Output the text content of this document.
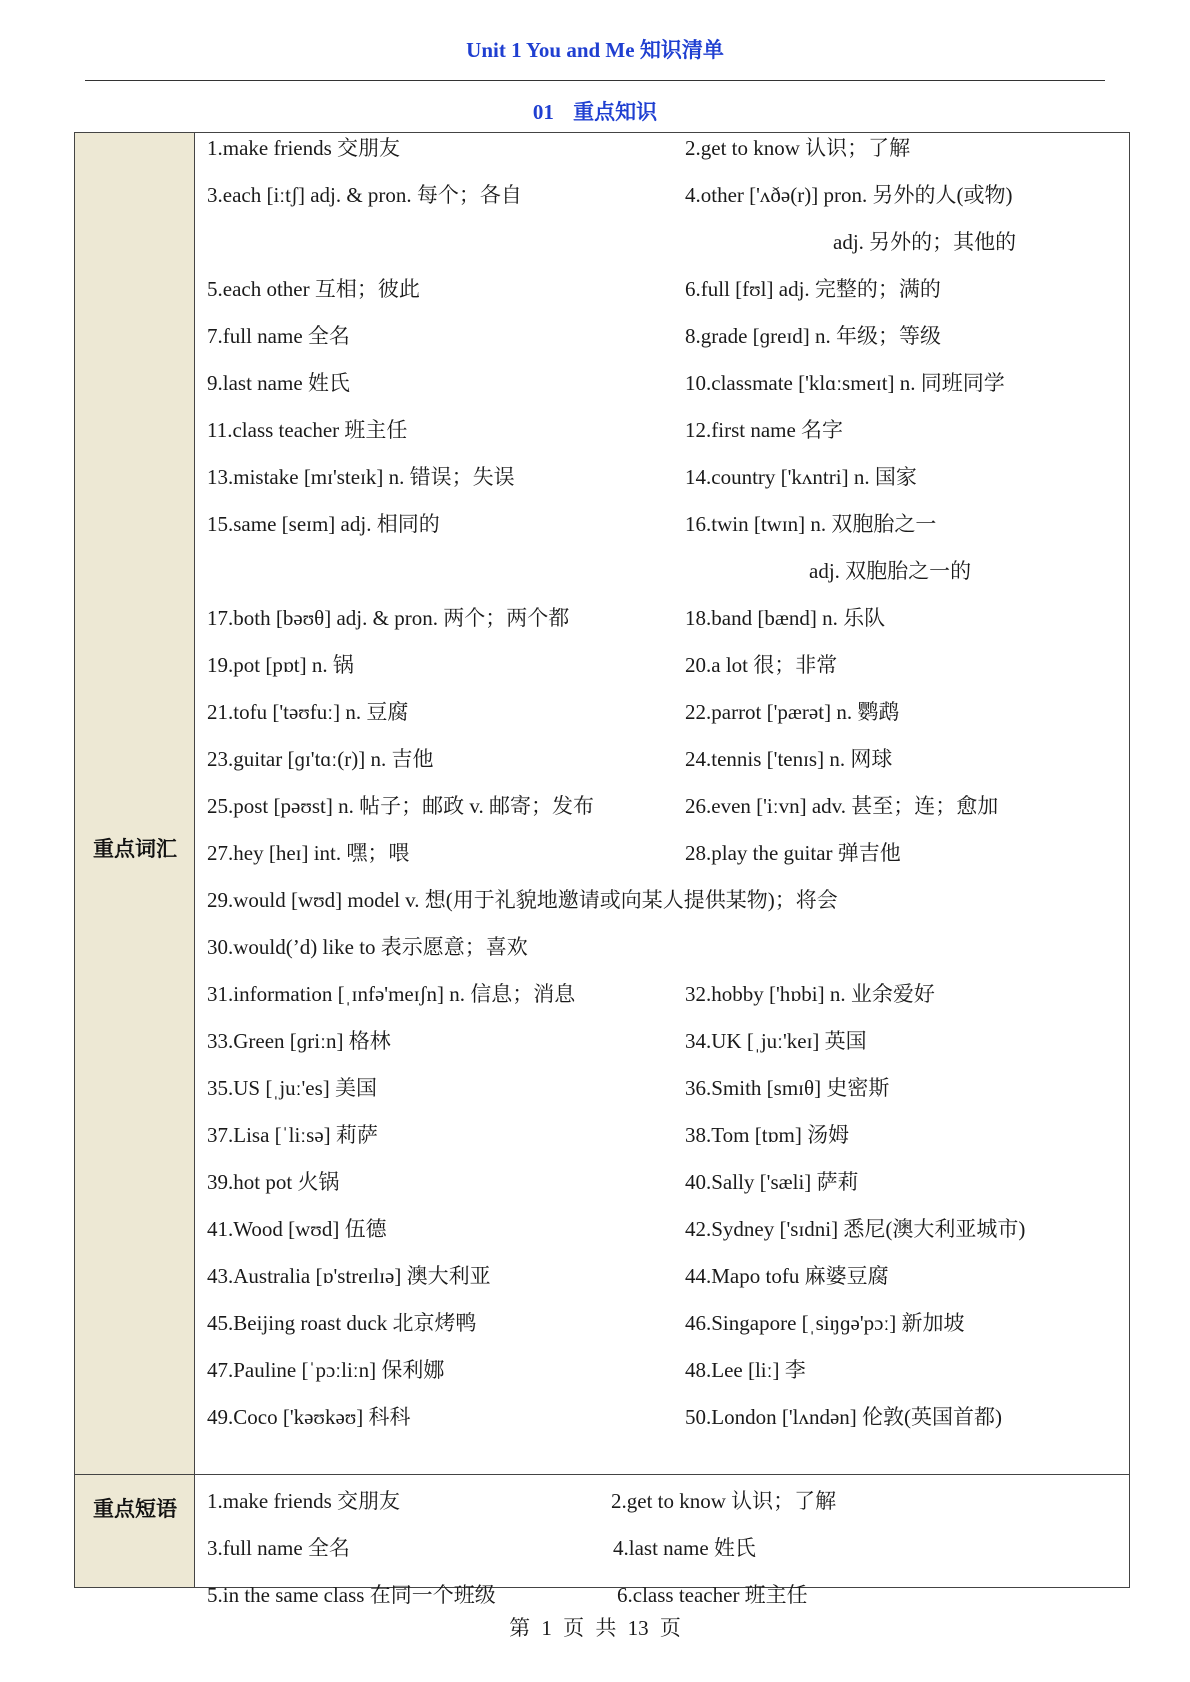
Unit 1 You and Me 知识清单
01 重点知识
重点词汇
重点短语
1.make friends 交朋友	2.get to know 认识；了解
3.each [iːtʃ] adj. & pron. 每个；各自	4.other ['ʌðə(r)] pron. 另外的人(或物)
adj. 另外的；其他的
5.each other 互相；彼此	6.full [fʊl] adj. 完整的；满的
7.full name 全名	8.grade [ɡreɪd] n. 年级；等级
9.last name 姓氏	10.classmate ['klɑːsmeɪt] n. 同班同学
11.class teacher 班主任	12.first name 名字
13.mistake [mɪ'steɪk] n. 错误；失误	14.country ['kʌntri] n. 国家
15.same [seɪm] adj. 相同的	16.twin [twɪn] n. 双胞胎之一
adj. 双胞胎之一的
17.both [bəʊθ] adj. & pron. 两个；两个都	18.band [bænd] n. 乐队
19.pot [pɒt] n. 锅	20.a lot 很；非常
21.tofu ['təʊfuː] n. 豆腐	22.parrot ['pærət] n. 鹦鹉
23.guitar [ɡɪ'tɑː(r)] n. 吉他	24.tennis ['tenɪs] n. 网球
25.post [pəʊst] n. 帖子；邮政 v. 邮寄；发布	26.even ['iːvn] adv. 甚至；连；愈加
27.hey [heɪ] int. 嘿；喂	28.play the guitar 弹吉他
29.would [wʊd] model v. 想(用于礼貌地邀请或向某人提供某物)；将会
30.would(’d) like to 表示愿意；喜欢
31.information [ˌɪnfə'meɪʃn] n. 信息；消息	32.hobby ['hɒbi] n. 业余爱好
33.Green [ɡriːn] 格林	34.UK [ˌjuː'keɪ] 英国
35.US [ˌjuː'es] 美国	36.Smith [smɪθ] 史密斯
37.Lisa [ˈliːsə] 莉萨	38.Tom [tɒm] 汤姆
39.hot pot 火锅	40.Sally ['sæli] 萨莉
41.Wood [wʊd] 伍德	42.Sydney ['sɪdni] 悉尼(澳大利亚城市)
43.Australia [ɒ'streɪlɪə] 澳大利亚	44.Mapo tofu 麻婆豆腐
45.Beijing roast duck 北京烤鸭	46.Singapore [ˌsiŋɡə'pɔː] 新加坡
47.Pauline [ˈpɔːliːn] 保利娜	48.Lee [liː] 李
49.Coco ['kəʊkəʊ] 科科	50.London ['lʌndən] 伦敦(英国首都)
1.make friends 交朋友	2.get to know 认识；了解
3.full name 全名	4.last name 姓氏
5.in the same class 在同一个班级	6.class teacher 班主任
第 1 页 共 13 页
